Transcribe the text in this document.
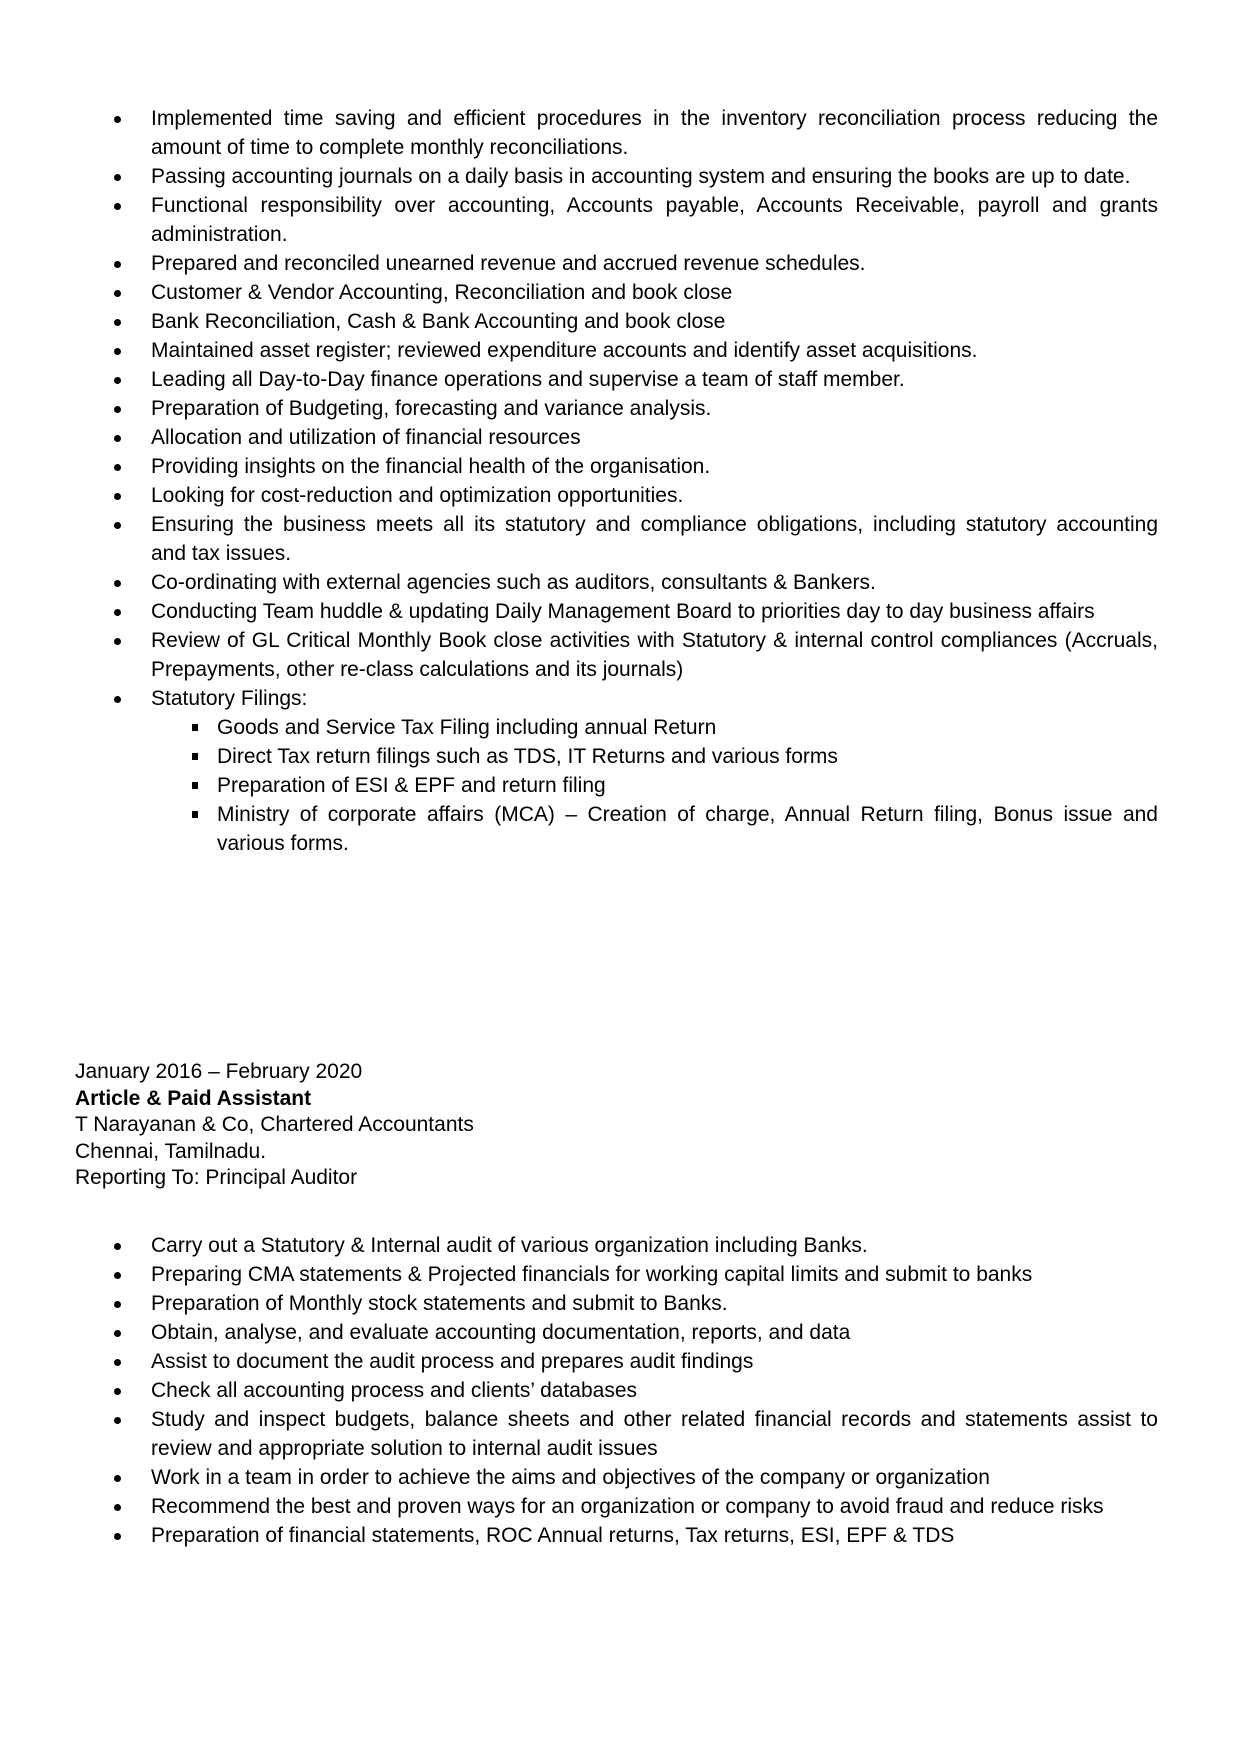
Implemented time saving and efficient procedures in the inventory reconciliation process reducing the amount of time to complete monthly reconciliations.
Passing accounting journals on a daily basis in accounting system and ensuring the books are up to date.
Functional responsibility over accounting, Accounts payable, Accounts Receivable, payroll and grants administration.
Prepared and reconciled unearned revenue and accrued revenue schedules.
Customer & Vendor Accounting, Reconciliation and book close
Bank Reconciliation, Cash & Bank Accounting and book close
Maintained asset register; reviewed expenditure accounts and identify asset acquisitions.
Leading all Day-to-Day finance operations and supervise a team of staff member.
Preparation of Budgeting, forecasting and variance analysis.
Allocation and utilization of financial resources
Providing insights on the financial health of the organisation.
Looking for cost-reduction and optimization opportunities.
Ensuring the business meets all its statutory and compliance obligations, including statutory accounting   and tax issues.
Co-ordinating with external agencies such as auditors, consultants & Bankers.
Conducting Team huddle & updating Daily Management Board to priorities day to day business affairs
Review of GL Critical Monthly Book close activities with Statutory & internal control compliances (Accruals, Prepayments, other re-class calculations and its journals)
Statutory Filings:
Goods and Service Tax Filing including annual Return
Direct Tax return filings such as TDS, IT Returns and various forms
Preparation of ESI & EPF and return filing
Ministry of corporate affairs (MCA) – Creation of charge, Annual Return filing, Bonus issue and various forms.
January 2016 – February 2020
Article & Paid Assistant
T Narayanan & Co, Chartered Accountants
Chennai, Tamilnadu.
Reporting To: Principal Auditor
Carry out a Statutory & Internal audit of various organization including Banks.
Preparing CMA statements & Projected financials for working capital limits and submit to banks
Preparation of Monthly stock statements and submit to Banks.
Obtain, analyse, and evaluate accounting documentation, reports, and data
Assist to document the audit process and prepares audit findings
Check all accounting process and clients’ databases
Study and inspect budgets, balance sheets and other related financial records and statements assist to review and appropriate solution to internal audit issues
Work in a team in order to achieve the aims and objectives of the company or organization
Recommend the best and proven ways for an organization or company to avoid fraud and reduce risks
Preparation of financial statements, ROC Annual returns, Tax returns, ESI, EPF & TDS
